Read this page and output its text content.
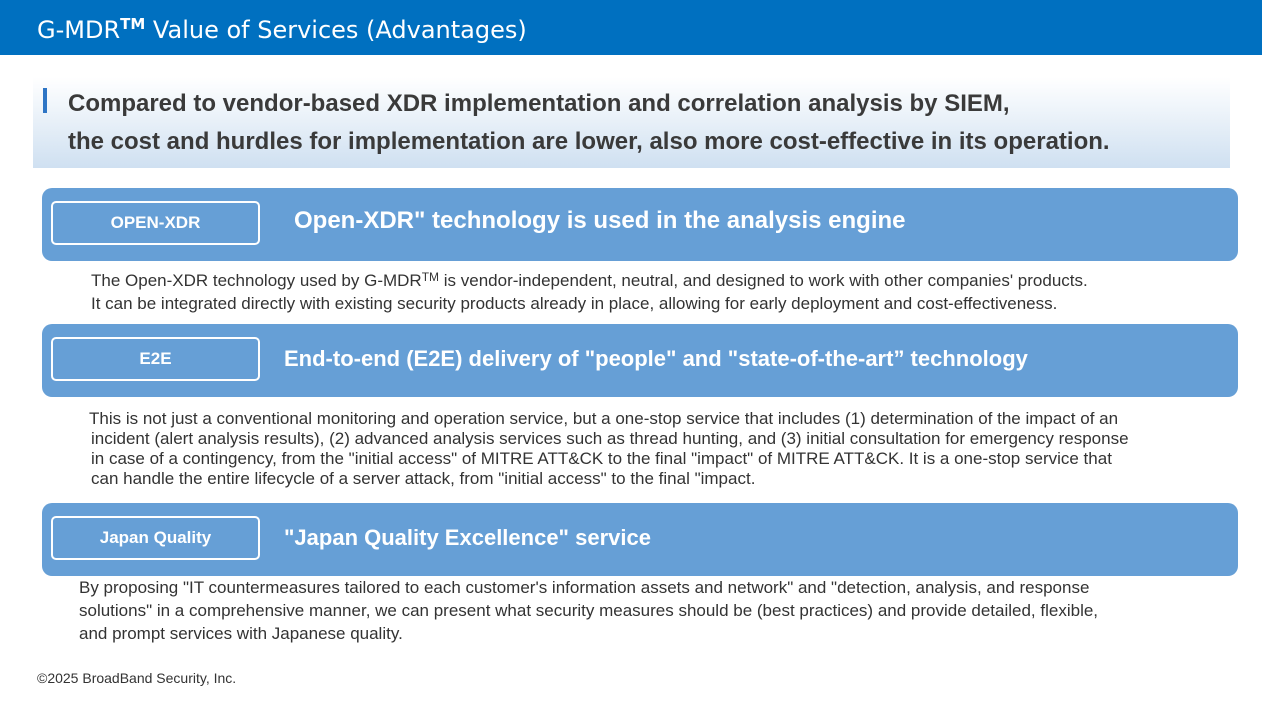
G-MDR™ Value of Services (Advantages)
Compared to vendor-based XDR implementation and correlation analysis by SIEM,
the cost and hurdles for implementation are lower, also more cost-effective in its operation.
OPEN-XDR	Open-XDR" technology is used in the analysis engine
The Open-XDR technology used by G-MDR™ is vendor-independent, neutral, and designed to work with other companies' products.
It can be integrated directly with existing security products already in place, allowing for early deployment and cost-effectiveness.
E2E	End-to-end (E2E) delivery of "people" and "state-of-the-art” technology
This is not just a conventional monitoring and operation service, but a one-stop service that includes (1) determination of the impact of an
incident (alert analysis results), (2) advanced analysis services such as thread hunting, and (3) initial consultation for emergency response
in case of a contingency, from the "initial access" of MITRE ATT&CK to the final "impact" of MITRE ATT&CK. It is a one-stop service that
can handle the entire lifecycle of a server attack, from "initial access" to the final "impact.
Japan Quality	"Japan Quality Excellence" service
By proposing "IT countermeasures tailored to each customer's information assets and network" and "detection, analysis, and response
solutions" in a comprehensive manner, we can present what security measures should be (best practices) and provide detailed, flexible,
and prompt services with Japanese quality.
©2025 BroadBand Security, Inc.
